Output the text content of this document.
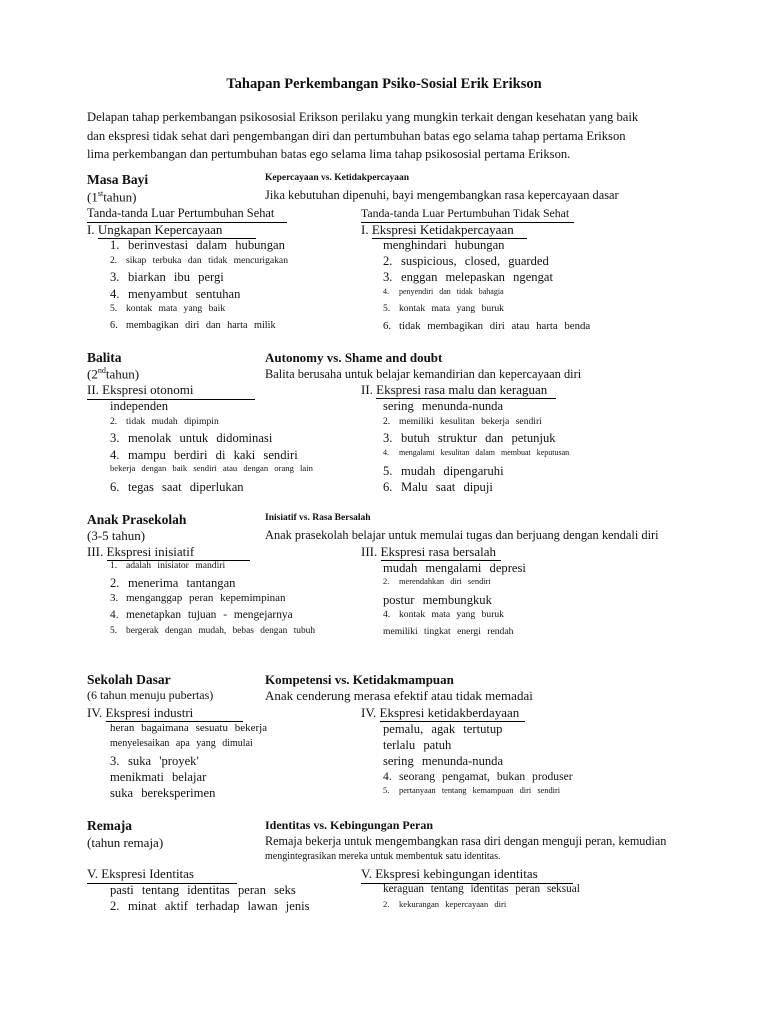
Tahapan Perkembangan Psiko-Sosial Erik Erikson
Delapan tahap perkembangan psikososial Erikson perilaku yang mungkin terkait dengan kesehatan yang baik
dan ekspresi tidak sehat dari pengembangan diri dan pertumbuhan batas ego selama tahap pertama Erikson
lima perkembangan dan pertumbuhan batas ego selama lima tahap psikososial pertama Erikson.
Masa Bayi	Kepercayaan vs. Ketidakpercayaan
(1sttahun)	Jika kebutuhan dipenuhi, bayi mengembangkan rasa kepercayaan dasar
Tanda-tanda Luar Pertumbuhan Sehat	Tanda-tanda Luar Pertumbuhan Tidak Sehat
I. Ungkapan Kepercayaan	I. Ekspresi Ketidakpercayaan
1. berinvestasi dalam hubungan
2. sikap terbuka dan tidak mencurigakan
3. biarkan ibu pergi
4. menyambut sentuhan
5. kontak mata yang baik
6. membagikan diri dan harta milik
menghindari hubungan
2. suspicious, closed, guarded
3. enggan melepaskan ngengat
4. penyendiri dan tidak bahagia
5. kontak mata yang buruk
6. tidak membagikan diri atau harta benda
Balita	Autonomy vs. Shame and doubt
(2ndtahun)	Balita berusaha untuk belajar kemandirian dan kepercayaan diri
II. Ekspresi otonomi	II. Ekspresi rasa malu dan keraguan
independen
2. tidak mudah dipimpin
3. menolak untuk didominasi
4. mampu berdiri di kaki sendiri
bekerja dengan baik sendiri atau dengan orang lain
6. tegas saat diperlukan
sering menunda-nunda
2. memiliki kesulitan bekerja sendiri
3. butuh struktur dan petunjuk
4. mengalami kesulitan dalam membuat keputusan
5. mudah dipengaruhi
6. Malu saat dipuji
Anak Prasekolah	Inisiatif vs. Rasa Bersalah
(3-5 tahun)	Anak prasekolah belajar untuk memulai tugas dan berjuang dengan kendali diri
III. Ekspresi inisiatif	III. Ekspresi rasa bersalah
1. adalah inisiator mandiri
2. menerima tantangan
3. menganggap peran kepemimpinan
4. menetapkan tujuan - mengejarnya
5. bergerak dengan mudah, bebas dengan tubuh
mudah mengalami depresi
2. merendahkan diri sendiri
postur membungkuk
4. kontak mata yang buruk
memiliki tingkat energi rendah
Sekolah Dasar	Kompetensi vs. Ketidakmampuan
(6 tahun menuju pubertas)	Anak cenderung merasa efektif atau tidak memadai
IV. Ekspresi industri	IV. Ekspresi ketidakberdayaan
heran bagaimana sesuatu bekerja
menyelesaikan apa yang dimulai
3. suka 'proyek'
menikmati belajar
suka bereksperimen
pemalu, agak tertutup
terlalu patuh
sering menunda-nunda
4. seorang pengamat, bukan produser
5. pertanyaan tentang kemampuan diri sendiri
Remaja	Identitas vs. Kebingungan Peran
(tahun remaja)	Remaja bekerja untuk mengembangkan rasa diri dengan menguji peran, kemudian
mengintegrasikan mereka untuk membentuk satu identitas.
V. Ekspresi Identitas	V. Ekspresi kebingungan identitas
pasti tentang identitas peran seks
2. minat aktif terhadap lawan jenis
keraguan tentang identitas peran seksual
2. kekurangan kepercayaan diri
